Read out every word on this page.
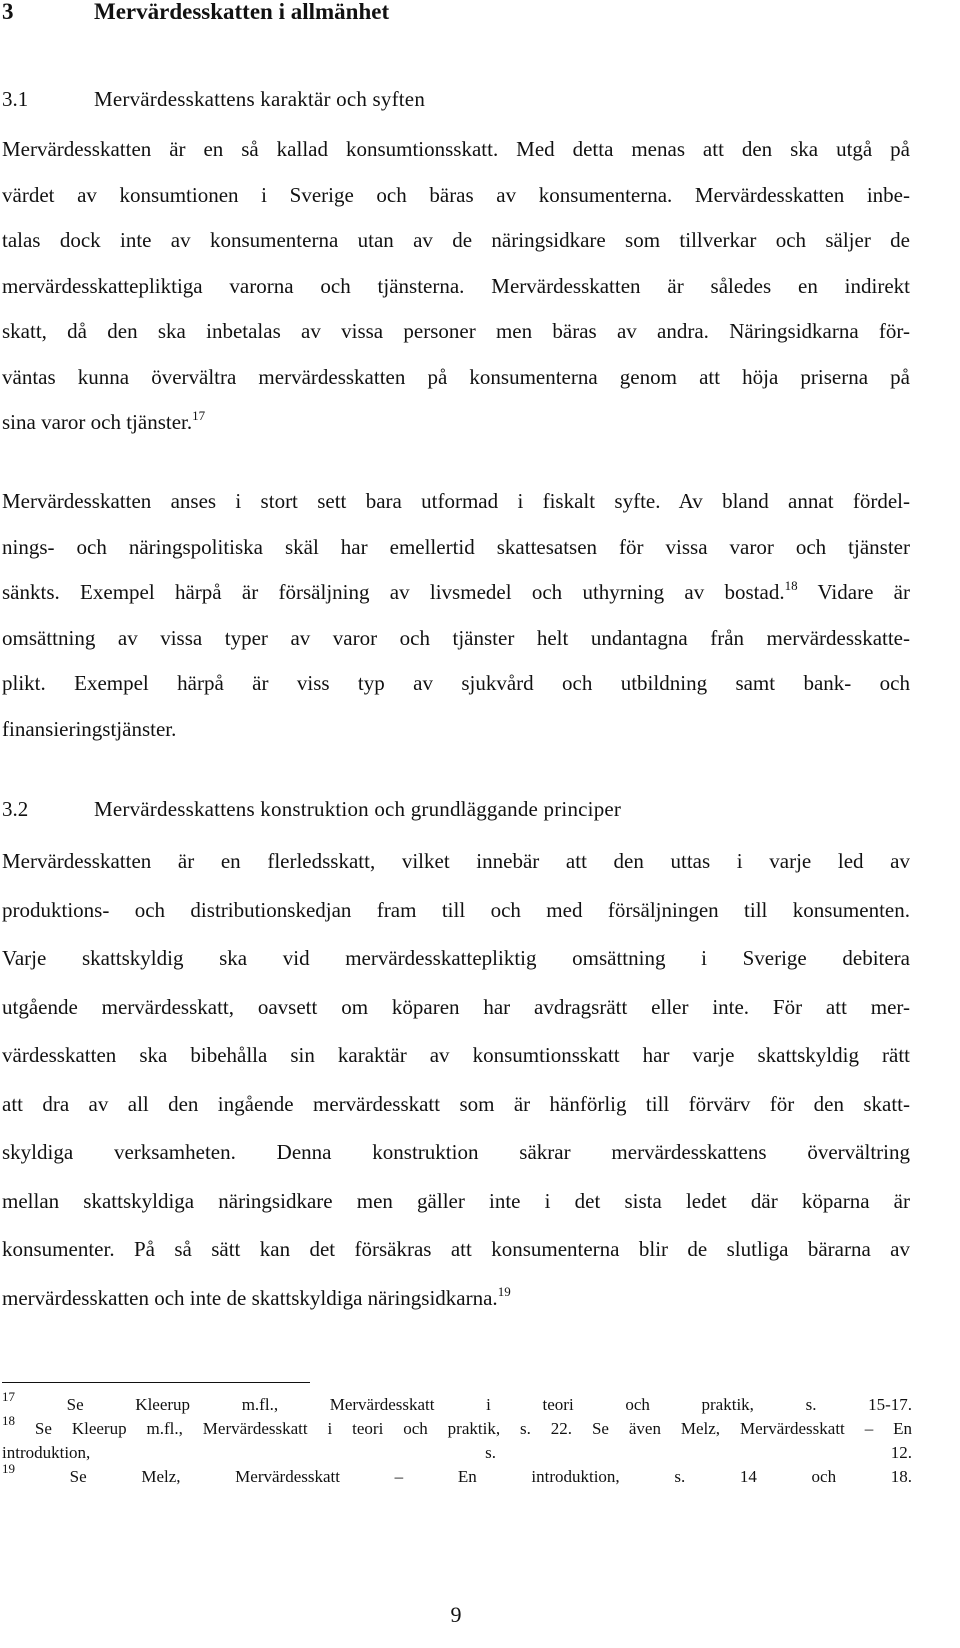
3	Mervärdesskatten i allmänhet
3.1	Mervärdesskattens karaktär och syften
Mervärdesskatten är en så kallad konsumtionsskatt. Med detta menas att den ska utgå på
värdet av konsumtionen i Sverige och bäras av konsumenterna. Mervärdesskatten inbe-
talas dock inte av konsumenterna utan av de näringsidkare som tillverkar och säljer de
mervärdesskattepliktiga varorna och tjänsterna. Mervärdesskatten är således en indirekt
skatt, då den ska inbetalas av vissa personer men bäras av andra. Näringsidkarna för-
väntas kunna övervältra mervärdesskatten på konsumenterna genom att höja priserna på
sina varor och tjänster.$^{17}$
Mervärdesskatten anses i stort sett bara utformad i fiskalt syfte. Av bland annat fördel-
nings- och näringspolitiska skäl har emellertid skattesatsen för vissa varor och tjänster
sänkts. Exempel härpå är försäljning av livsmedel och uthyrning av bostad.$^{18}$ Vidare är
omsättning av vissa typer av varor och tjänster helt undantagna från mervärdesskatte-
plikt. Exempel härpå är viss typ av sjukvård och utbildning samt bank- och
finansieringstjänster.
3.2	Mervärdesskattens konstruktion och grundläggande principer
Mervärdesskatten är en flerledsskatt, vilket innebär att den uttas i varje led av
produktions- och distributionskedjan fram till och med försäljningen till konsumenten.
Varje skattskyldig ska vid mervärdesskattepliktig omsättning i Sverige debitera
utgående mervärdesskatt, oavsett om köparen har avdragsrätt eller inte. För att mer-
värdesskatten ska bibehålla sin karaktär av konsumtionsskatt har varje skattskyldig rätt
att dra av all den ingående mervärdesskatt som är hänförlig till förvärv för den skatt-
skyldiga verksamheten. Denna konstruktion säkrar mervärdesskattens övervältring
mellan skattskyldiga näringsidkare men gäller inte i det sista ledet där köparna är
konsumenter. På så sätt kan det försäkras att konsumenterna blir de slutliga bärarna av
mervärdesskatten och inte de skattskyldiga näringsidkarna.$^{19}$
$^{17}$	Se Kleerup m.fl., Mervärdesskatt i teori och praktik, s. 15-17.
$^{18}$ Se Kleerup m.fl., Mervärdesskatt i teori och praktik, s. 22. Se även Melz, Mervärdesskatt – En
introduktion, s. 12.
$^{19}$	Se Melz, Mervärdesskatt – En introduktion, s. 14 och 18.
9
